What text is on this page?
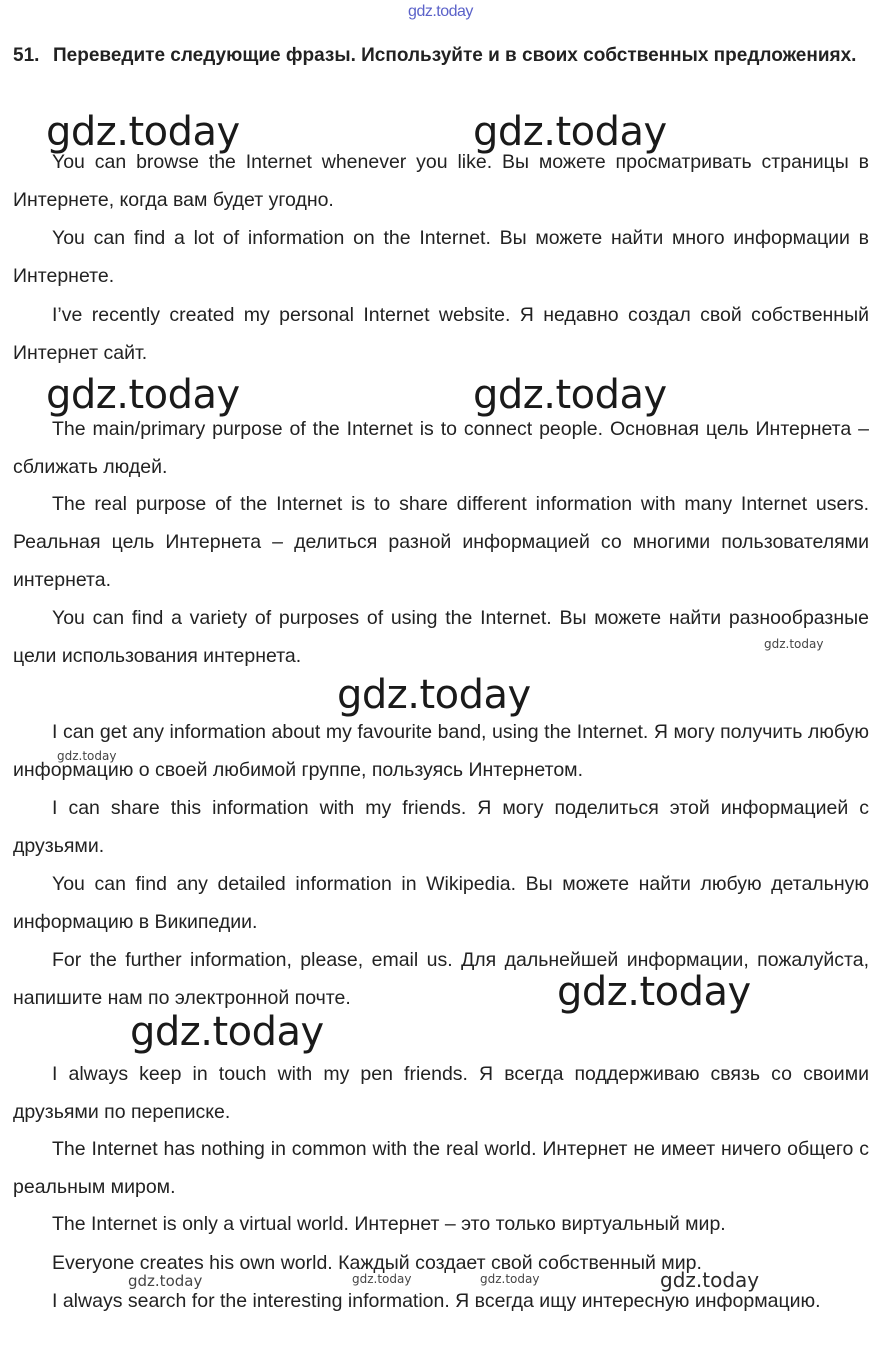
gdz.today
51. Переведите следующие фразы. Используйте и в своих собственных предложениях.

You can browse the Internet whenever you like. Вы можете просматривать страницы в Интернете, когда вам будет угодно.

You can find a lot of information on the Internet. Вы можете найти много информации в Интернете.

I’ve recently created my personal Internet website. Я недавно создал свой собственный Интернет сайт.

The main/primary purpose of the Internet is to connect people. Основная цель Интернета – сближать людей.

The real purpose of the Internet is to share different information with many Internet users. Реальная цель Интернета – делиться разной информацией со многими пользователями интернета.

You can find a variety of purposes of using the Internet. Вы можете найти разнообразные цели использования интернета.

I can get any information about my favourite band, using the Internet. Я могу получить любую информацию о своей любимой группе, пользуясь Интернетом.

I can share this information with my friends. Я могу поделиться этой информацией с друзьями.

You can find any detailed information in Wikipedia. Вы можете найти любую детальную информацию в Википедии.

For the further information, please, email us. Для дальнейшей информации, пожалуйста, напишите нам по электронной почте.

I always keep in touch with my pen friends. Я всегда поддерживаю связь со своими друзьями по переписке.

The Internet has nothing in common with the real world. Интернет не имеет ничего общего с реальным миром.

The Internet is only a virtual world. Интернет – это только виртуальный мир.

Everyone creates his own world. Каждый создает свой собственный мир.

I always search for the interesting information. Я всегда ищу интересную информацию.

gdz.today	gdz.today
gdz.today	gdz.today
gdz.today
gdz.today
gdz.today
gdz.today
gdz.today
gdz.today
gdz.today	gdz.today	gdz.today
